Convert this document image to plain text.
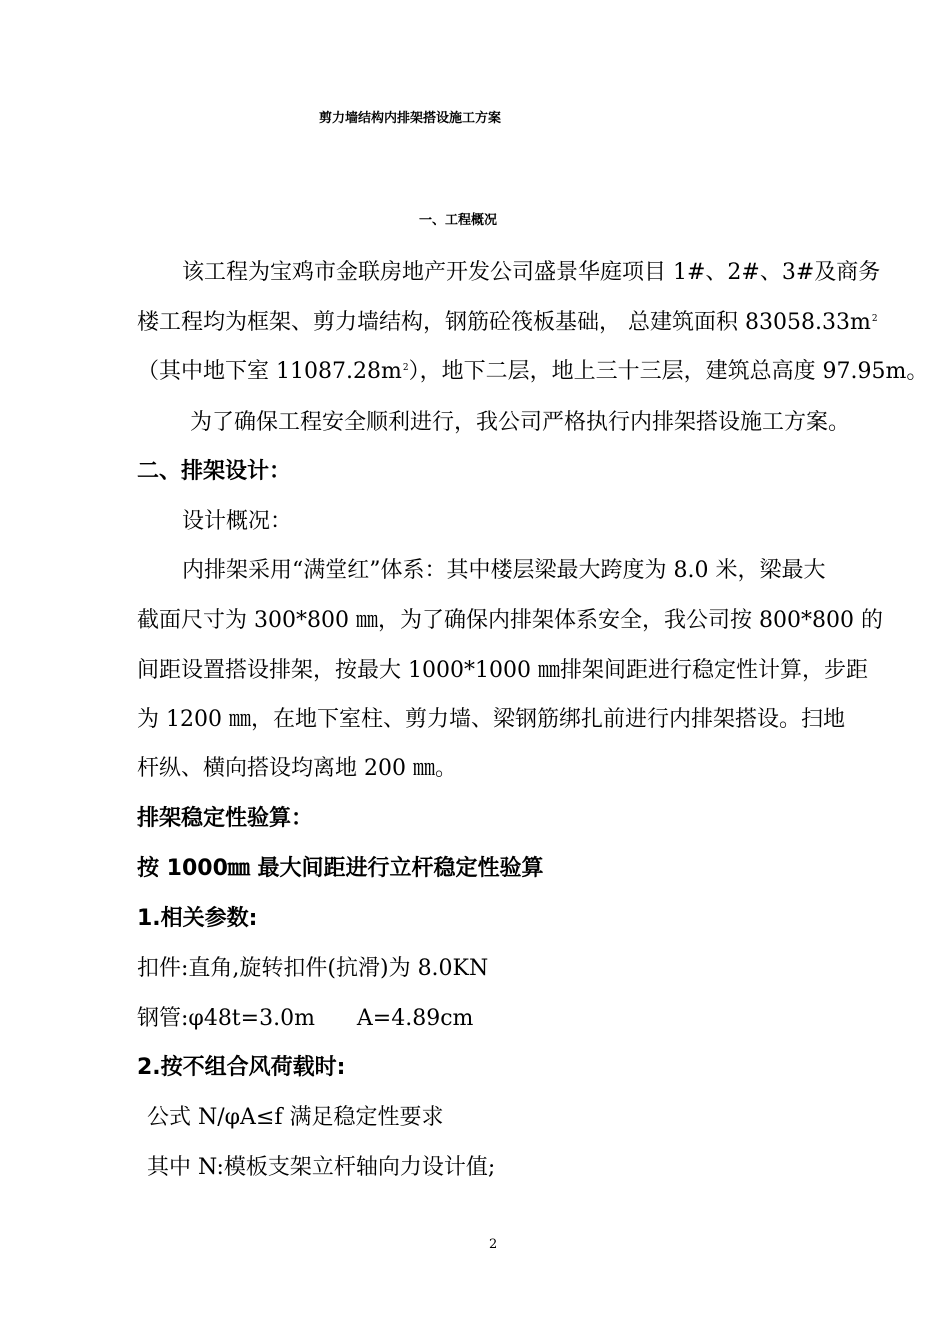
剪力墙结构内排架搭设施工方案
一、工程概况
该工程为宝鸡市金联房地产开发公司盛景华庭项目 1#、2#、3#及商务
楼工程均为框架、剪力墙结构，钢筋砼筏板基础， 总建筑面积 $83058.33m^2$
（其中地下室 $11087.28m^2$），地下二层，地上三十三层，建筑总高度 97.95m。
为了确保工程安全顺利进行，我公司严格执行内排架搭设施工方案。
二、排架设计：
设计概况：
内排架采用“满堂红”体系：其中楼层梁最大跨度为 8.0 米，梁最大
截面尺寸为 300*800 ㎜，为了确保内排架体系安全，我公司按 800*800 的
间距设置搭设排架，按最大 1000*1000 ㎜排架间距进行稳定性计算，步距
为 1200 ㎜，在地下室柱、剪力墙、梁钢筋绑扎前进行内排架搭设。扫地
杆纵、横向搭设均离地 200 ㎜。
排架稳定性验算：
按 1000㎜ 最大间距进行立杆稳定性验算
1.相关参数:
扣件:直角,旋转扣件(抗滑)为 8.0KN
钢管:φ48t=3.0m      A=4.89cm
2.按不组合风荷载时:
公式 N/φA≤f 满足稳定性要求
其中 N:模板支架立杆轴向力设计值;
2
